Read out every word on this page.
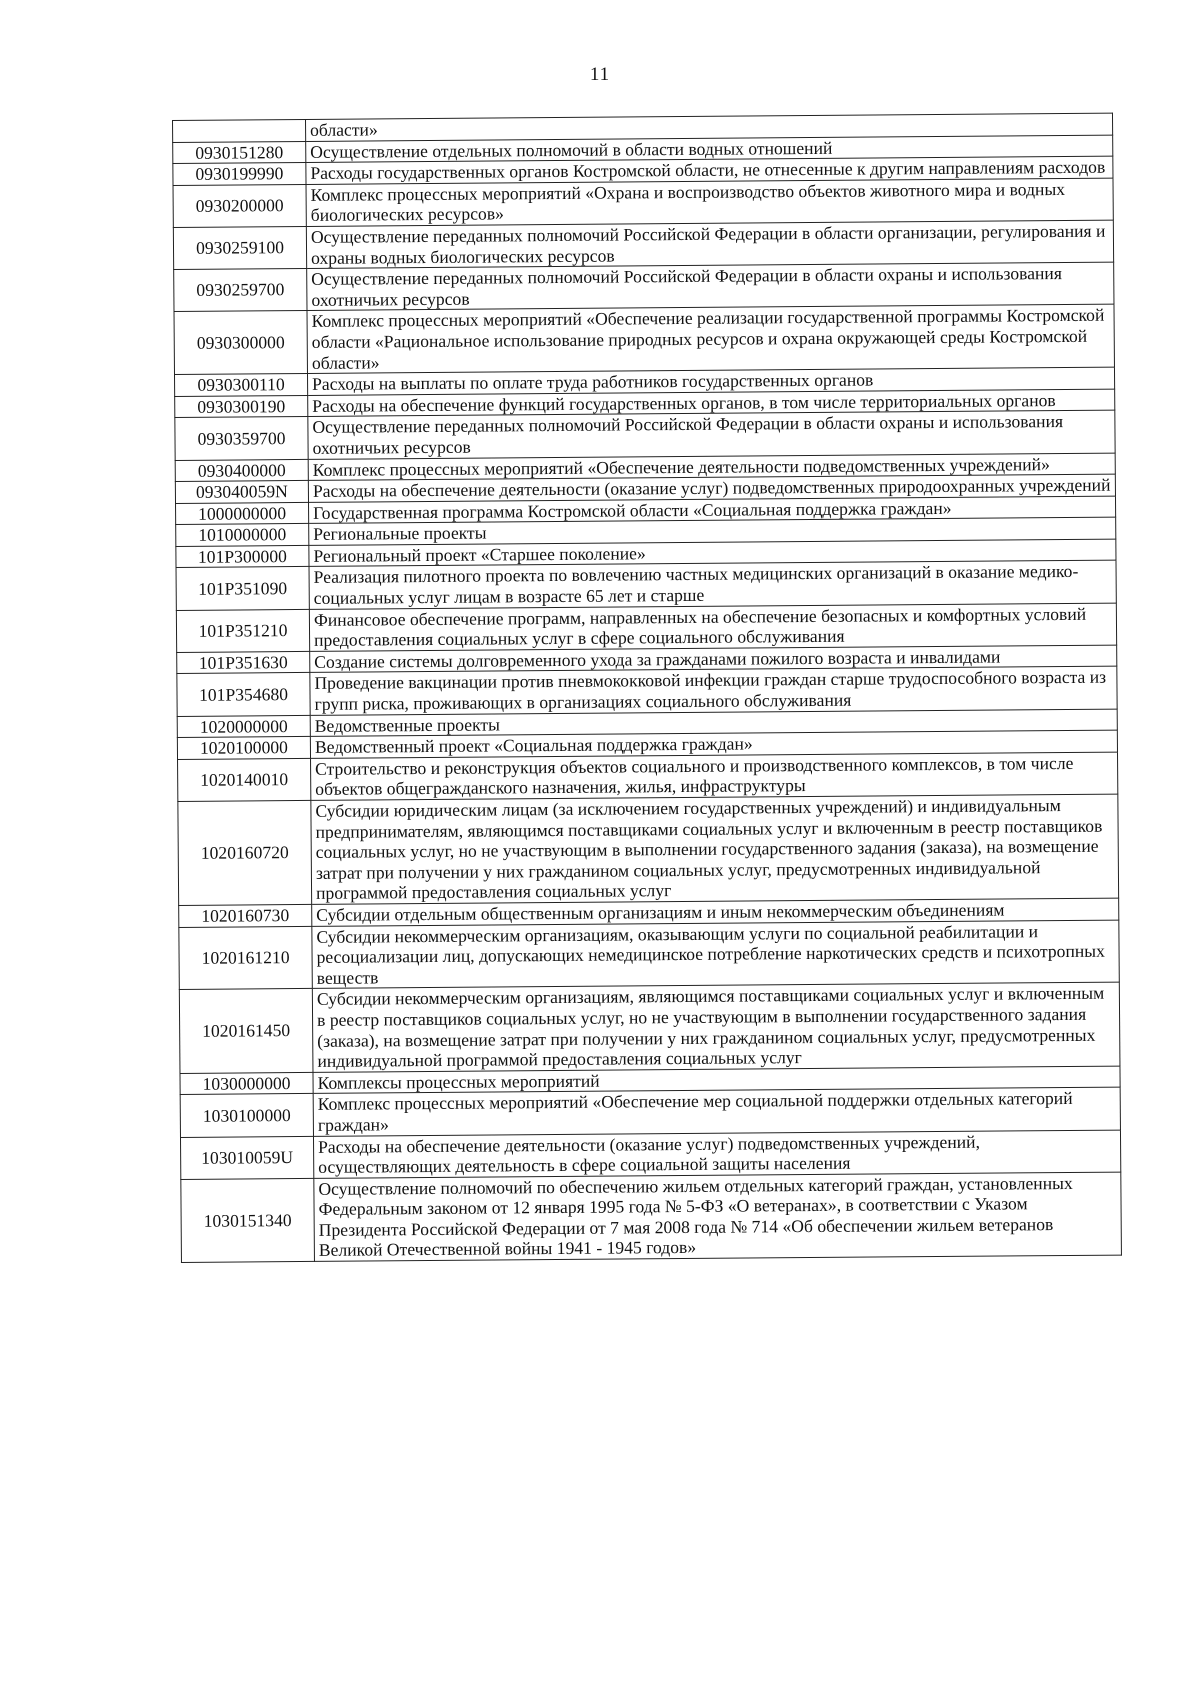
11
	области»
0930151280	Осуществление отдельных полномочий в области водных отношений
0930199990	Расходы государственных органов Костромской области, не отнесенные к другим направлениям расходов
0930200000	Комплекс процессных мероприятий «Охрана и воспроизводство объектов животного мира и водных биологических ресурсов»
0930259100	Осуществление переданных полномочий Российской Федерации в области организации, регулирования и охраны водных биологических ресурсов
0930259700	Осуществление переданных полномочий Российской Федерации в области охраны и использования охотничьих ресурсов
0930300000	Комплекс процессных мероприятий «Обеспечение реализации государственной программы Костромской области «Рациональное использование природных ресурсов и охрана окружающей среды Костромской области»
0930300110	Расходы на выплаты по оплате труда работников государственных органов
0930300190	Расходы на обеспечение функций государственных органов, в том числе территориальных органов
0930359700	Осуществление переданных полномочий Российской Федерации в области охраны и использования охотничьих ресурсов
0930400000	Комплекс процессных мероприятий «Обеспечение деятельности подведомственных учреждений»
093040059N	Расходы на обеспечение деятельности (оказание услуг) подведомственных природоохранных учреждений
1000000000	Государственная программа Костромской области «Социальная поддержка граждан»
1010000000	Региональные проекты
101P300000	Региональный проект «Старшее поколение»
101P351090	Реализация пилотного проекта по вовлечению частных медицинских организаций в оказание медико-социальных услуг лицам в возрасте 65 лет и старше
101P351210	Финансовое обеспечение программ, направленных на обеспечение безопасных и комфортных условий предоставления социальных услуг в сфере социального обслуживания
101P351630	Создание системы долговременного ухода за гражданами пожилого возраста и инвалидами
101P354680	Проведение вакцинации против пневмококковой инфекции граждан старше трудоспособного возраста из групп риска, проживающих в организациях социального обслуживания
1020000000	Ведомственные проекты
1020100000	Ведомственный проект «Социальная поддержка граждан»
1020140010	Строительство и реконструкция объектов социального и производственного комплексов, в том числе объектов общегражданского назначения, жилья, инфраструктуры
1020160720	Субсидии юридическим лицам (за исключением государственных учреждений) и индивидуальным предпринимателям, являющимся поставщиками социальных услуг и включенным в реестр поставщиков социальных услуг, но не участвующим в выполнении государственного задания (заказа), на возмещение затрат при получении у них гражданином социальных услуг, предусмотренных индивидуальной программой предоставления социальных услуг
1020160730	Субсидии отдельным общественным организациям и иным некоммерческим объединениям
1020161210	Субсидии некоммерческим организациям, оказывающим услуги по социальной реабилитации и ресоциализации лиц, допускающих немедицинское потребление наркотических средств и психотропных веществ
1020161450	Субсидии некоммерческим организациям, являющимся поставщиками социальных услуг и включенным в реестр поставщиков социальных услуг, но не участвующим в выполнении государственного задания (заказа), на возмещение затрат при получении у них гражданином социальных услуг, предусмотренных индивидуальной программой предоставления социальных услуг
1030000000	Комплексы процессных мероприятий
1030100000	Комплекс процессных мероприятий «Обеспечение мер социальной поддержки отдельных категорий граждан»
103010059U	Расходы на обеспечение деятельности (оказание услуг) подведомственных учреждений, осуществляющих деятельность в сфере социальной защиты населения
1030151340	Осуществление полномочий по обеспечению жильем отдельных категорий граждан, установленных Федеральным законом от 12 января 1995 года № 5-ФЗ «О ветеранах», в соответствии с Указом Президента Российской Федерации от 7 мая 2008 года № 714 «Об обеспечении жильем ветеранов Великой Отечественной войны 1941 - 1945 годов»
